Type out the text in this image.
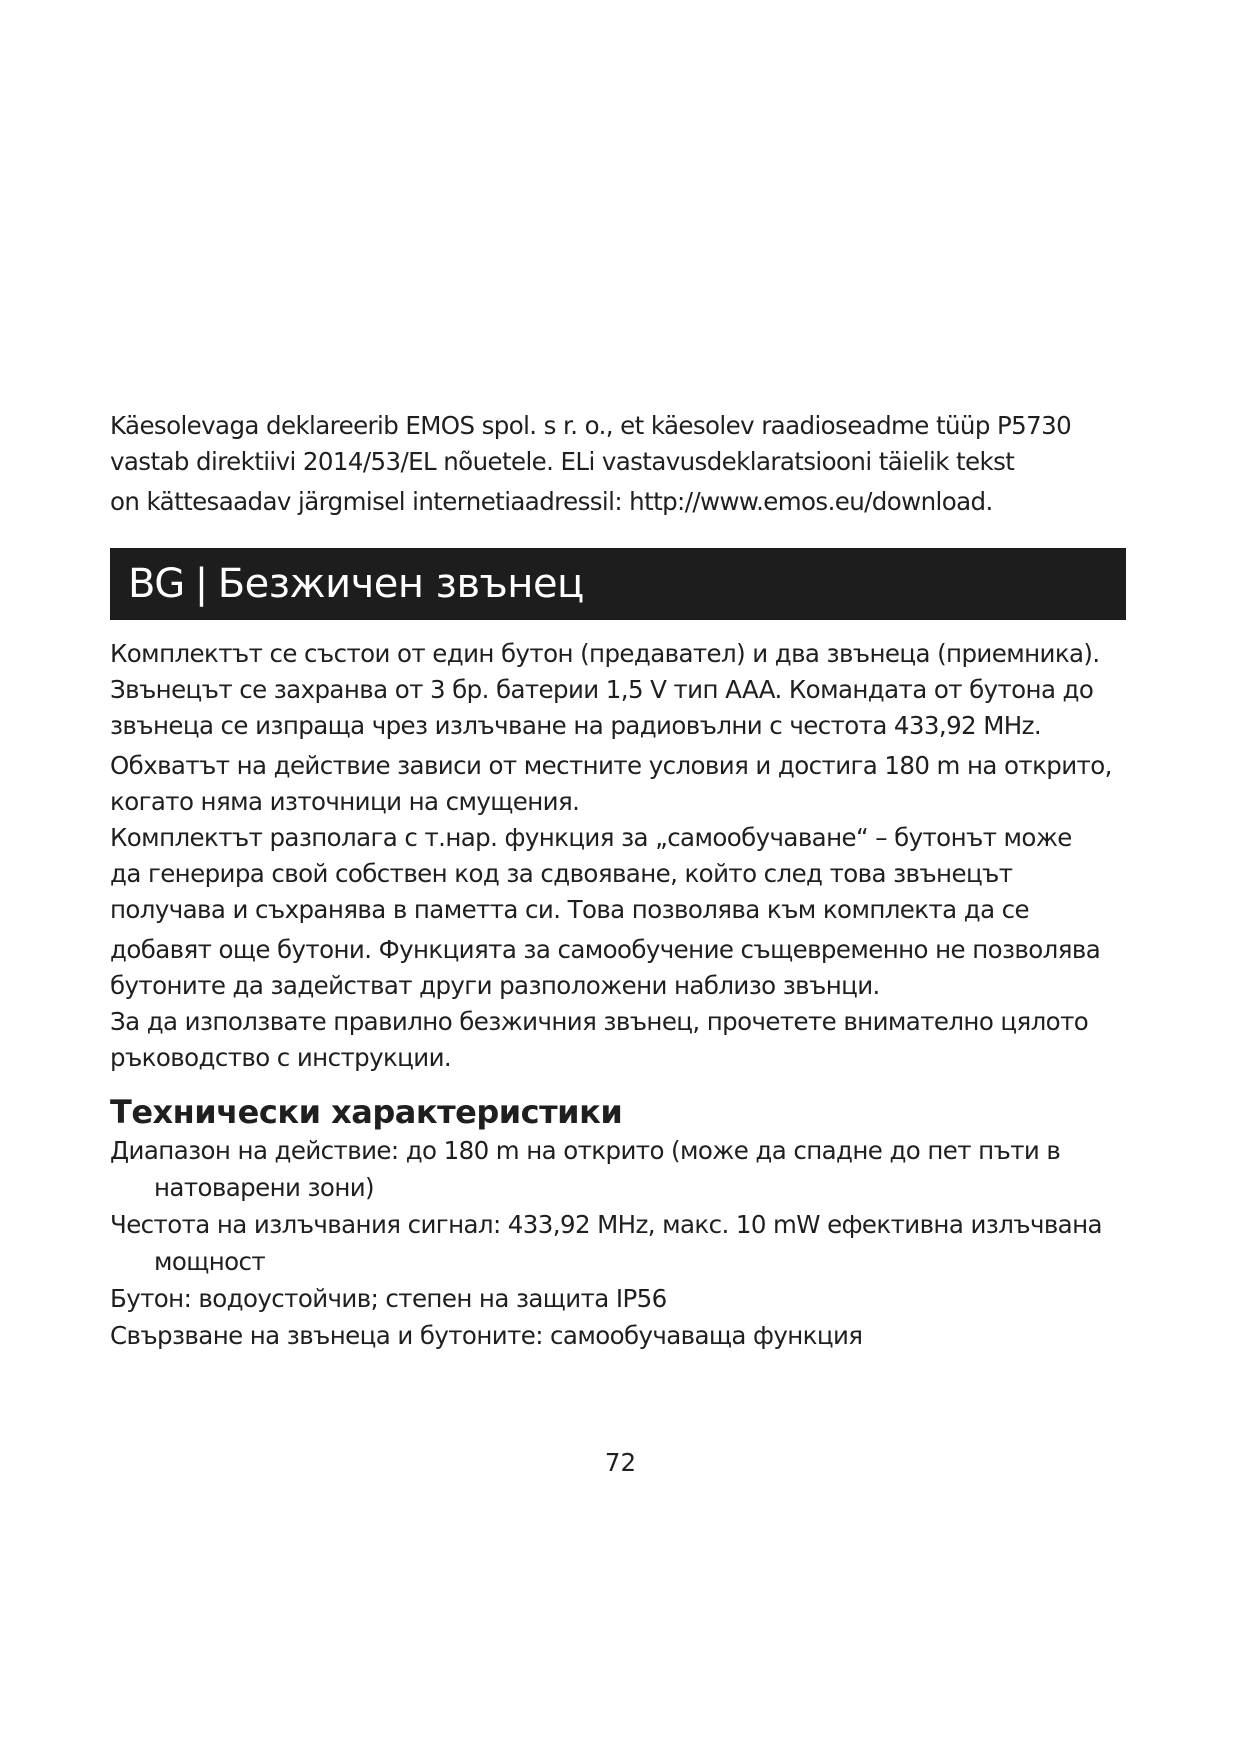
Käesolevaga deklareerib EMOS spol. s r. o., et käesolev raadioseadme tüüp P5730
vastab direktiivi 2014/53/EL nõuetele. ELi vastavusdeklaratsiooni täielik tekst
on kättesaadav järgmisel internetiaadressil: http://www.emos.eu/download.

BG | Безжичен звънец

Комплектът се състои от един бутон (предавател) и два звънеца (приемника).
Звънецът се захранва от 3 бр. батерии 1,5 V тип AAA. Командата от бутона до
звънеца се изпраща чрез излъчване на радиовълни с честота 433,92 MHz.
Обхватът на действие зависи от местните условия и достига 180 m на открито,
когато няма източници на смущения.
Комплектът разполага с т.нар. функция за „самообучаване“ – бутонът може
да генерира свой собствен код за сдвояване, който след това звънецът
получава и съхранява в паметта си. Това позволява към комплекта да се
добавят още бутони. Функцията за самообучение същевременно не позволява
бутоните да задействат други разположени наблизо звънци.
За да използвате правилно безжичния звънец, прочетете внимателно цялото
ръководство с инструкции.

Технически характеристики

Диапазон на действие: до 180 m на открито (може да спадне до пет пъти в натоварени зони)

Честота на излъчвания сигнал: 433,92 MHz, макс. 10 mW ефективна излъчвана мощност

Бутон: водоустойчив; степен на защита IP56

Свързване на звънеца и бутоните: самообучаваща функция

72
